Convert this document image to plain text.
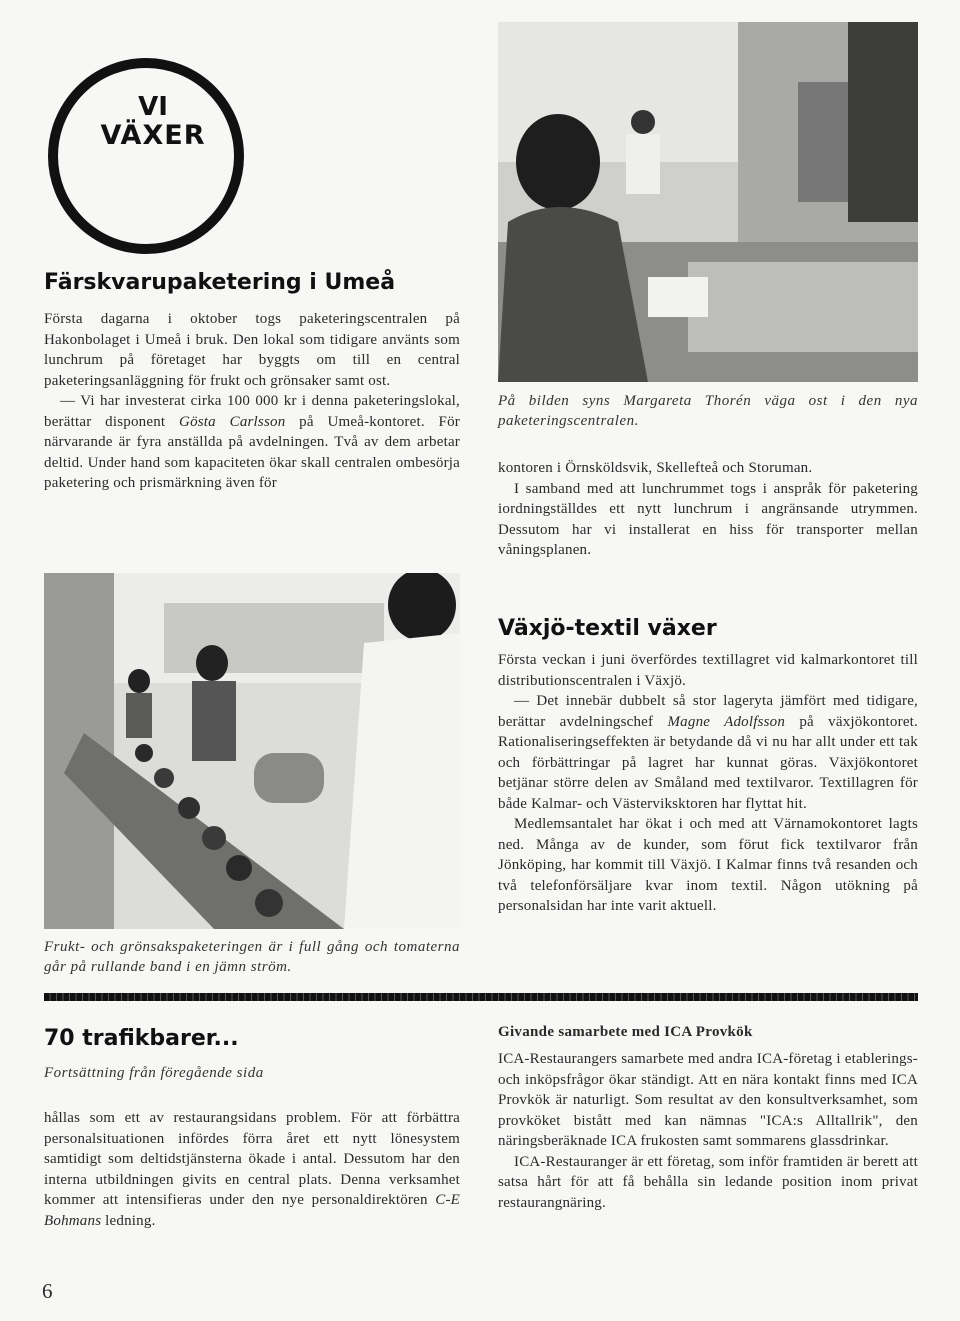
VI
VÄXER
Färskvarupaketering i Umeå

Första dagarna i oktober togs paketeringscentralen på Hakonbolaget i Umeå i bruk. Den lokal som tidigare använts som lunchrum på företaget har byggts om till en central paketeringsanläggning för frukt och grönsaker samt ost.

— Vi har investerat cirka 100 000 kr i denna paketeringslokal, berättar disponent Gösta Carlsson på Umeå-kontoret. För närvarande är fyra anställda på avdelningen. Två av dem arbetar deltid. Under hand som kapaciteten ökar skall centralen ombesörja paketering och prismärkning även för

På bilden syns Margareta Thorén väga ost i den nya paketeringscentralen.

kontoren i Örnsköldsvik, Skellefteå och Storuman.

I samband med att lunchrummet togs i anspråk för paketering iordningställdes ett nytt lunchrum i angränsande utrymmen. Dessutom har vi installerat en hiss för transporter mellan våningsplanen.

Frukt- och grönsakspaketeringen är i full gång och tomaterna går på rullande band i en jämn ström.
Växjö-textil växer

Första veckan i juni överfördes textillagret vid kalmarkontoret till distributionscentralen i Växjö.

— Det innebär dubbelt så stor lageryta jämfört med tidigare, berättar avdelningschef Magne Adolfsson på växjökontoret. Rationaliseringseffekten är betydande då vi nu har allt under ett tak och förbättringar på lagret har kunnat göras. Växjökontoret betjänar större delen av Småland med textilvaror. Textillagren för både Kalmar- och Västerviksktoren har flyttat hit.

Medlemsantalet har ökat i och med att Värnamokontoret lagts ned. Många av de kunder, som förut fick textilvaror från Jönköping, har kommit till Växjö. I Kalmar finns två resanden och två telefonförsäljare kvar inom textil. Någon utökning på personalsidan har inte varit aktuell.

70 trafikbarer...
Fortsättning från föregående sida

hållas som ett av restaurangsidans problem. För att förbättra personalsituationen infördes förra året ett nytt lönesystem samtidigt som deltidstjänsterna ökade i antal. Dessutom har den interna utbildningen givits en central plats. Denna verksamhet kommer att intensifieras under den nye personaldirektören C-E Bohmans ledning.

Givande samarbete med ICA Provkök

ICA-Restaurangers samarbete med andra ICA-företag i etablerings- och inköpsfrågor ökar ständigt. Att en nära kontakt finns med ICA Provkök är naturligt. Som resultat av den konsultverksamhet, som provköket bistått med kan nämnas "ICA:s Alltallrik", den näringsberäknade ICA frukosten samt sommarens glassdrinkar.

ICA-Restauranger är ett företag, som inför framtiden är berett att satsa hårt för att få behålla sin ledande position inom privat restaurangnäring.

6
